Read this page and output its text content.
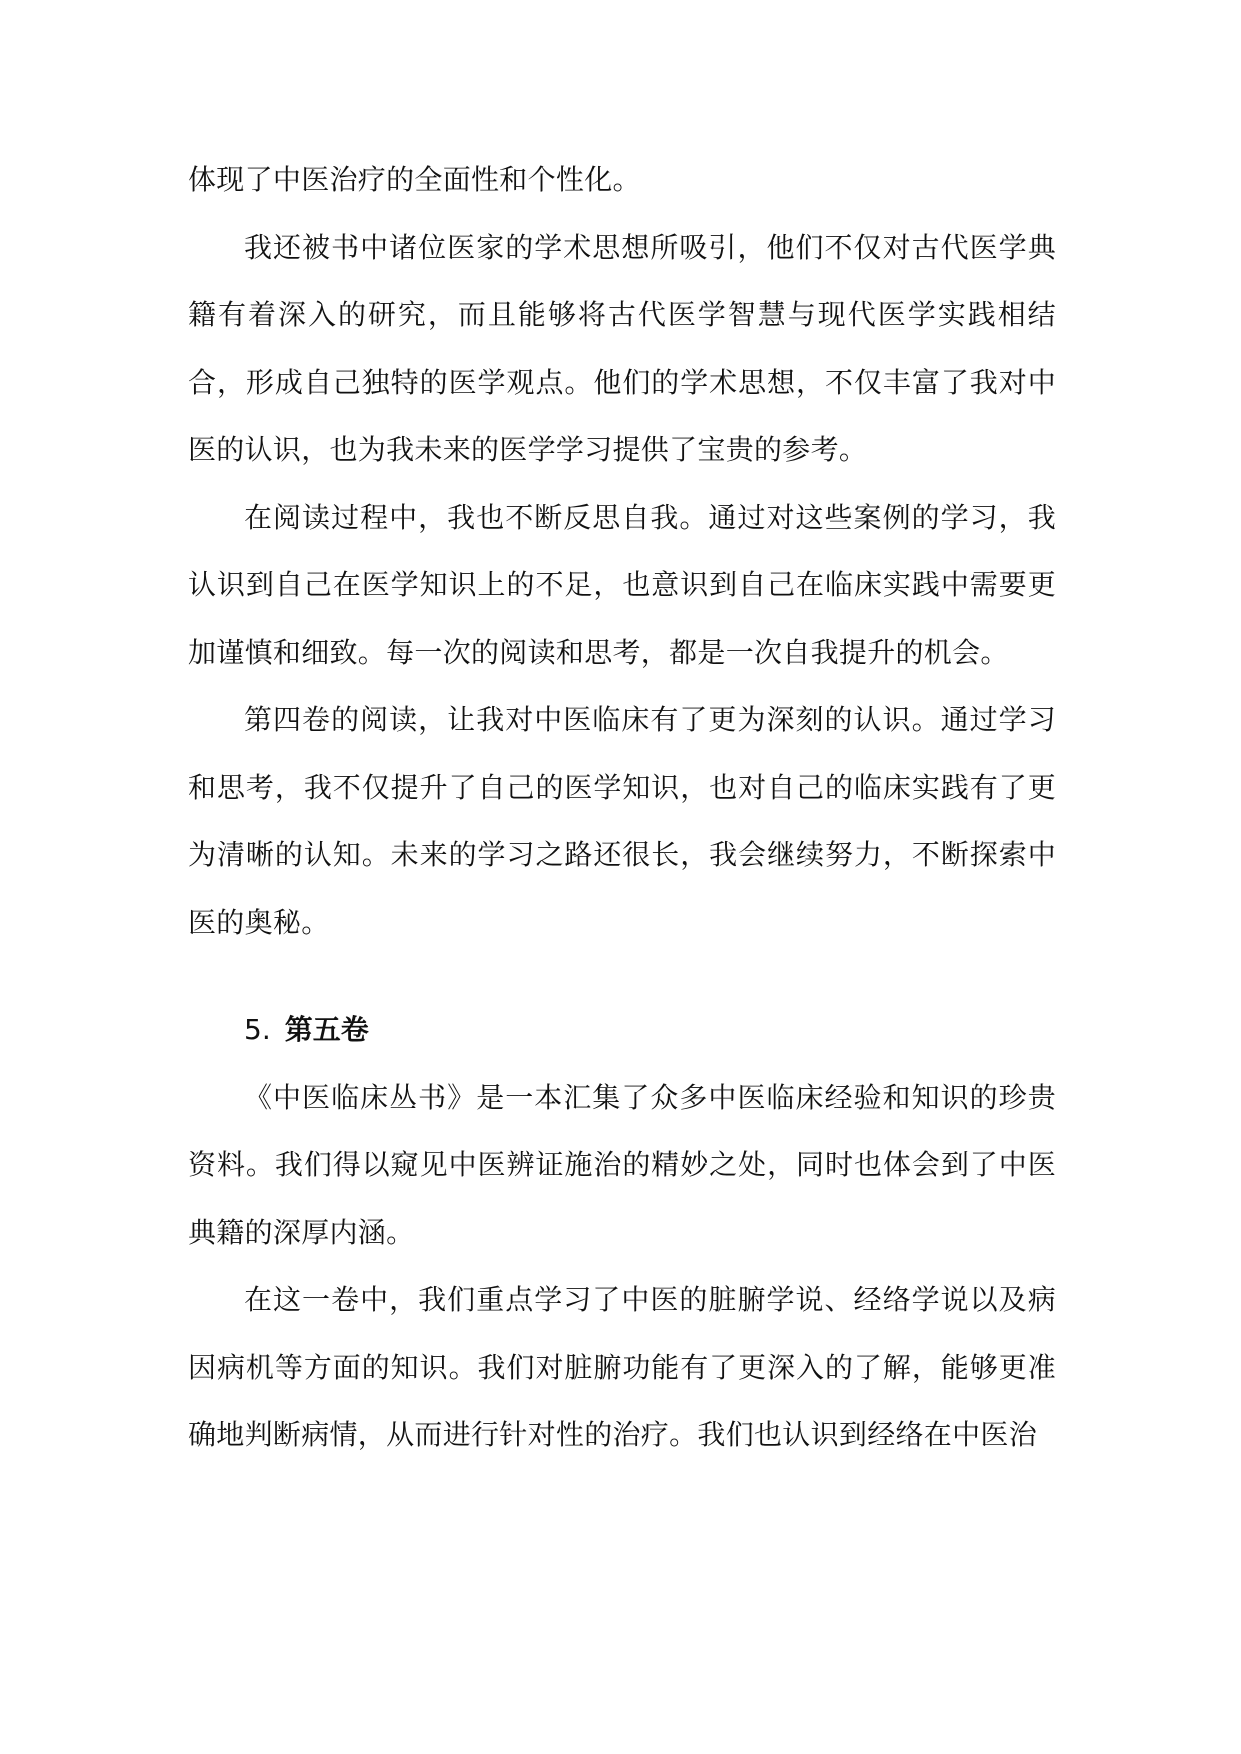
体现了中医治疗的全面性和个性化。

我还被书中诸位医家的学术思想所吸引，他们不仅对古代医学典籍有着深入的研究，而且能够将古代医学智慧与现代医学实践相结合，形成自己独特的医学观点。他们的学术思想，不仅丰富了我对中医的认识，也为我未来的医学学习提供了宝贵的参考。

在阅读过程中，我也不断反思自我。通过对这些案例的学习，我认识到自己在医学知识上的不足，也意识到自己在临床实践中需要更加谨慎和细致。每一次的阅读和思考，都是一次自我提升的机会。

第四卷的阅读，让我对中医临床有了更为深刻的认识。通过学习和思考，我不仅提升了自己的医学知识，也对自己的临床实践有了更为清晰的认知。未来的学习之路还很长，我会继续努力，不断探索中医的奥秘。

5. 第五卷

《中医临床丛书》是一本汇集了众多中医临床经验和知识的珍贵资料。我们得以窥见中医辨证施治的精妙之处，同时也体会到了中医典籍的深厚内涵。

在这一卷中，我们重点学习了中医的脏腑学说、经络学说以及病因病机等方面的知识。我们对脏腑功能有了更深入的了解，能够更准确地判断病情，从而进行针对性的治疗。我们也认识到经络在中医治
